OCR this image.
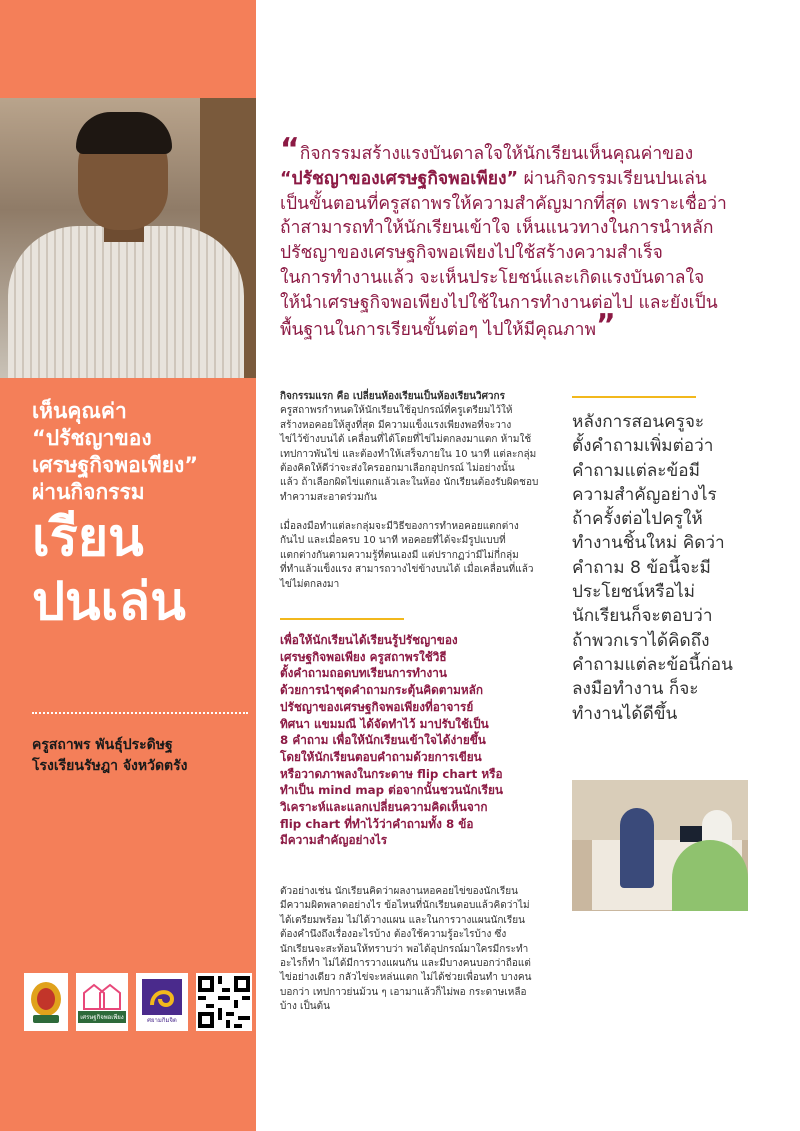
เห็นคุณค่า
“ปรัชญาของ
เศรษฐกิจพอเพียง”
ผ่านกิจกรรม
เรียน
ปนเล่น
ครูสถาพร พันธุ์ประดิษฐ
โรงเรียนรัษฎา จังหวัดตรัง
เศรษฐกิจพอเพียง	ศยามกิมจิต
“กิจกรรมสร้างแรงบันดาลใจให้นักเรียนเห็นคุณค่าของ
“ปรัชญาของเศรษฐกิจพอเพียง” ผ่านกิจกรรมเรียนปนเล่น
เป็นขั้นตอนที่ครูสถาพรให้ความสำคัญมากที่สุด เพราะเชื่อว่า
ถ้าสามารถทำให้นักเรียนเข้าใจ เห็นแนวทางในการนำหลัก
ปรัชญาของเศรษฐกิจพอเพียงไปใช้สร้างความสำเร็จ
ในการทำงานแล้ว จะเห็นประโยชน์และเกิดแรงบันดาลใจ
ให้นำเศรษฐกิจพอเพียงไปใช้ในการทำงานต่อไป และยังเป็น
พื้นฐานในการเรียนขั้นต่อๆ ไปให้มีคุณภาพ”
กิจกรรมแรก คือ เปลี่ยนห้องเรียนเป็นห้องเรียนวิศวกร
ครูสถาพรกำหนดให้นักเรียนใช้อุปกรณ์ที่ครูเตรียมไว้ให้
สร้างหอคอยให้สูงที่สุด มีความแข็งแรงเพียงพอที่จะวาง
ไข่ไว้ข้างบนได้ เคลื่อนที่ได้โดยที่ไข่ไม่ตกลงมาแตก ห้ามใช้
เทปกาวพันไข่ และต้องทำให้เสร็จภายใน 10 นาที แต่ละกลุ่ม
ต้องคิดให้ดีว่าจะส่งใครออกมาเลือกอุปกรณ์ ไม่อย่างนั้น
แล้ว ถ้าเลือกผิดไข่แตกแล้วเละในห้อง นักเรียนต้องรับผิดชอบ
ทำความสะอาดร่วมกัน
เมื่อลงมือทำแต่ละกลุ่มจะมีวิธีของการทำหอคอยแตกต่าง
กันไป และเมื่อครบ 10 นาที หอคอยที่ได้จะมีรูปแบบที่
แตกต่างกันตามความรู้ที่ตนเองมี แต่ปรากฏว่ามีไม่กี่กลุ่ม
ที่ทำแล้วแข็งแรง สามารถวางไข่ข้างบนได้ เมื่อเคลื่อนที่แล้ว
ไข่ไม่ตกลงมา
เพื่อให้นักเรียนได้เรียนรู้ปรัชญาของ
เศรษฐกิจพอเพียง ครูสถาพรใช้วิธี
ตั้งคำถามถอดบทเรียนการทำงาน
ด้วยการนำชุดคำถามกระตุ้นคิดตามหลัก
ปรัชญาของเศรษฐกิจพอเพียงที่อาจารย์
ทิศนา แขมมณี ได้จัดทำไว้ มาปรับใช้เป็น
8 คำถาม เพื่อให้นักเรียนเข้าใจได้ง่ายขึ้น
โดยให้นักเรียนตอบคำถามด้วยการเขียน
หรือวาดภาพลงในกระดาษ flip chart หรือ
ทำเป็น mind map ต่อจากนั้นชวนนักเรียน
วิเคราะห์และแลกเปลี่ยนความคิดเห็นจาก
flip chart ที่ทำไว้ว่าคำถามทั้ง 8 ข้อ
มีความสำคัญอย่างไร
ตัวอย่างเช่น นักเรียนคิดว่าผลงานหอคอยไข่ของนักเรียน
มีความผิดพลาดอย่างไร ข้อไหนที่นักเรียนตอบแล้วคิดว่าไม่
ได้เตรียมพร้อม ไม่ได้วางแผน และในการวางแผนนักเรียน
ต้องคำนึงถึงเรื่องอะไรบ้าง ต้องใช้ความรู้อะไรบ้าง ซึ่ง
นักเรียนจะสะท้อนให้ทราบว่า พอได้อุปกรณ์มาใครมีกระทำ
อะไรก็ทำ ไม่ได้มีการวางแผนกัน และมีบางคนบอกว่าถือแต่
ไข่อย่างเดียว กลัวไข่จะหล่นแตก ไม่ได้ช่วยเพื่อนทำ บางคน
บอกว่า เทปกาวย่นม้วน ๆ เอามาแล้วก็ไม่พอ กระดาษเหลือ
บ้าง เป็นต้น
หลังการสอนครูจะ
ตั้งคำถามเพิ่มต่อว่า
คำถามแต่ละข้อมี
ความสำคัญอย่างไร
ถ้าครั้งต่อไปครูให้
ทำงานชิ้นใหม่ คิดว่า
คำถาม 8 ข้อนี้จะมี
ประโยชน์หรือไม่
นักเรียนก็จะตอบว่า
ถ้าพวกเราได้คิดถึง
คำถามแต่ละข้อนี้ก่อน
ลงมือทำงาน ก็จะ
ทำงานได้ดีขึ้น
